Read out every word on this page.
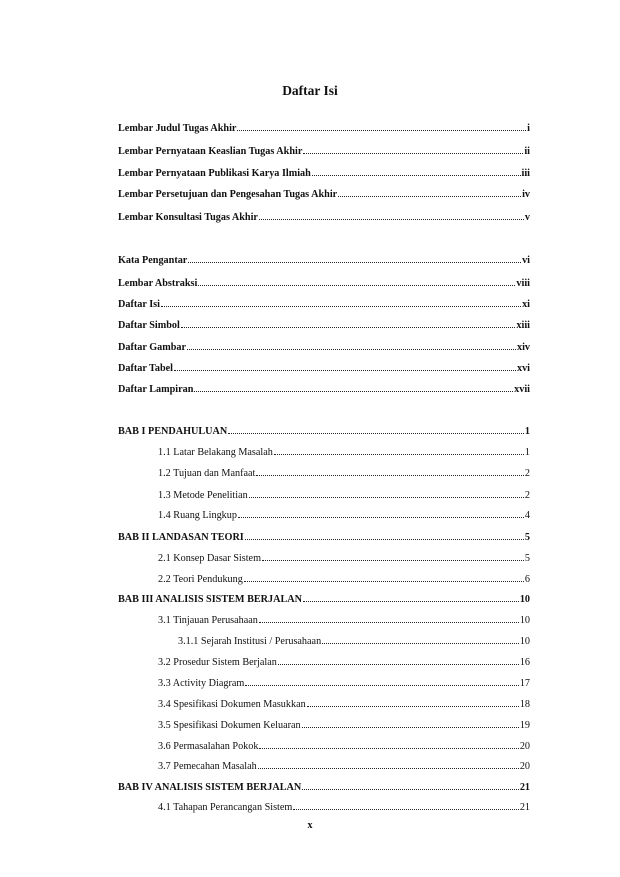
Daftar Isi
Lembar Judul Tugas Akhir	i
Lembar Pernyataan Keaslian Tugas Akhir	ii
Lembar Pernyataan Publikasi Karya Ilmiah	iii
Lembar Persetujuan dan Pengesahan Tugas Akhir	iv
Lembar Konsultasi Tugas Akhir	v
Kata Pengantar	vi
Lembar Abstraksi	viii
Daftar Isi	xi
Daftar Simbol	xiii
Daftar Gambar	xiv
Daftar Tabel	xvi
Daftar Lampiran	xvii
BAB I PENDAHULUAN	1
1.1 Latar Belakang Masalah	1
1.2 Tujuan dan Manfaat	2
1.3 Metode Penelitian	2
1.4 Ruang Lingkup	4
BAB II LANDASAN TEORI	5
2.1 Konsep Dasar Sistem	5
2.2 Teori Pendukung	6
BAB III ANALISIS SISTEM BERJALAN	10
3.1 Tinjauan Perusahaan	10
3.1.1 Sejarah Institusi / Perusahaan	10
3.2 Prosedur Sistem Berjalan	16
3.3 Activity Diagram	17
3.4 Spesifikasi Dokumen Masukkan	18
3.5 Spesifikasi Dokumen Keluaran	19
3.6 Permasalahan Pokok	20
3.7 Pemecahan Masalah	20
BAB IV ANALISIS SISTEM BERJALAN	21
4.1 Tahapan Perancangan Sistem	21
x
